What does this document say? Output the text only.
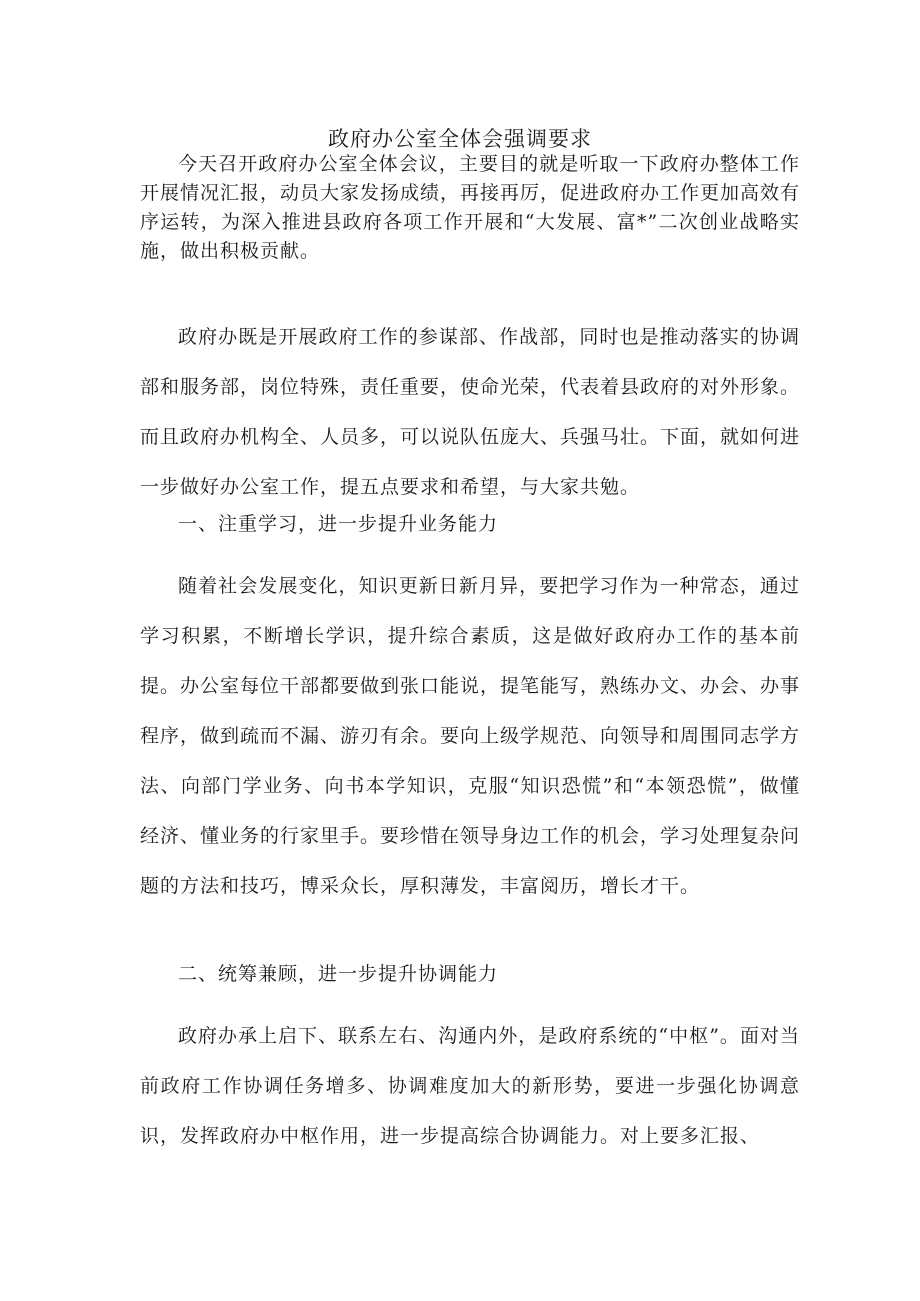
政府办公室全体会强调要求

今天召开政府办公室全体会议，主要目的就是听取一下政府办整体工作开展情况汇报，动员大家发扬成绩，再接再厉，促进政府办工作更加高效有序运转，为深入推进县政府各项工作开展和“大发展、富*”二次创业战略实施，做出积极贡献。

政府办既是开展政府工作的参谋部、作战部，同时也是推动落实的协调部和服务部，岗位特殊，责任重要，使命光荣，代表着县政府的对外形象。而且政府办机构全、人员多，可以说队伍庞大、兵强马壮。下面，就如何进一步做好办公室工作，提五点要求和希望，与大家共勉。

一、注重学习，进一步提升业务能力

随着社会发展变化，知识更新日新月异，要把学习作为一种常态，通过学习积累，不断增长学识，提升综合素质，这是做好政府办工作的基本前提。办公室每位干部都要做到张口能说，提笔能写，熟练办文、办会、办事程序，做到疏而不漏、游刃有余。要向上级学规范、向领导和周围同志学方法、向部门学业务、向书本学知识，克服“知识恐慌”和“本领恐慌”，做懂经济、懂业务的行家里手。要珍惜在领导身边工作的机会，学习处理复杂问题的方法和技巧，博采众长，厚积薄发，丰富阅历，增长才干。

二、统筹兼顾，进一步提升协调能力

政府办承上启下、联系左右、沟通内外，是政府系统的“中枢”。面对当前政府工作协调任务增多、协调难度加大的新形势，要进一步强化协调意识，发挥政府办中枢作用，进一步提高综合协调能力。对上要多汇报、
